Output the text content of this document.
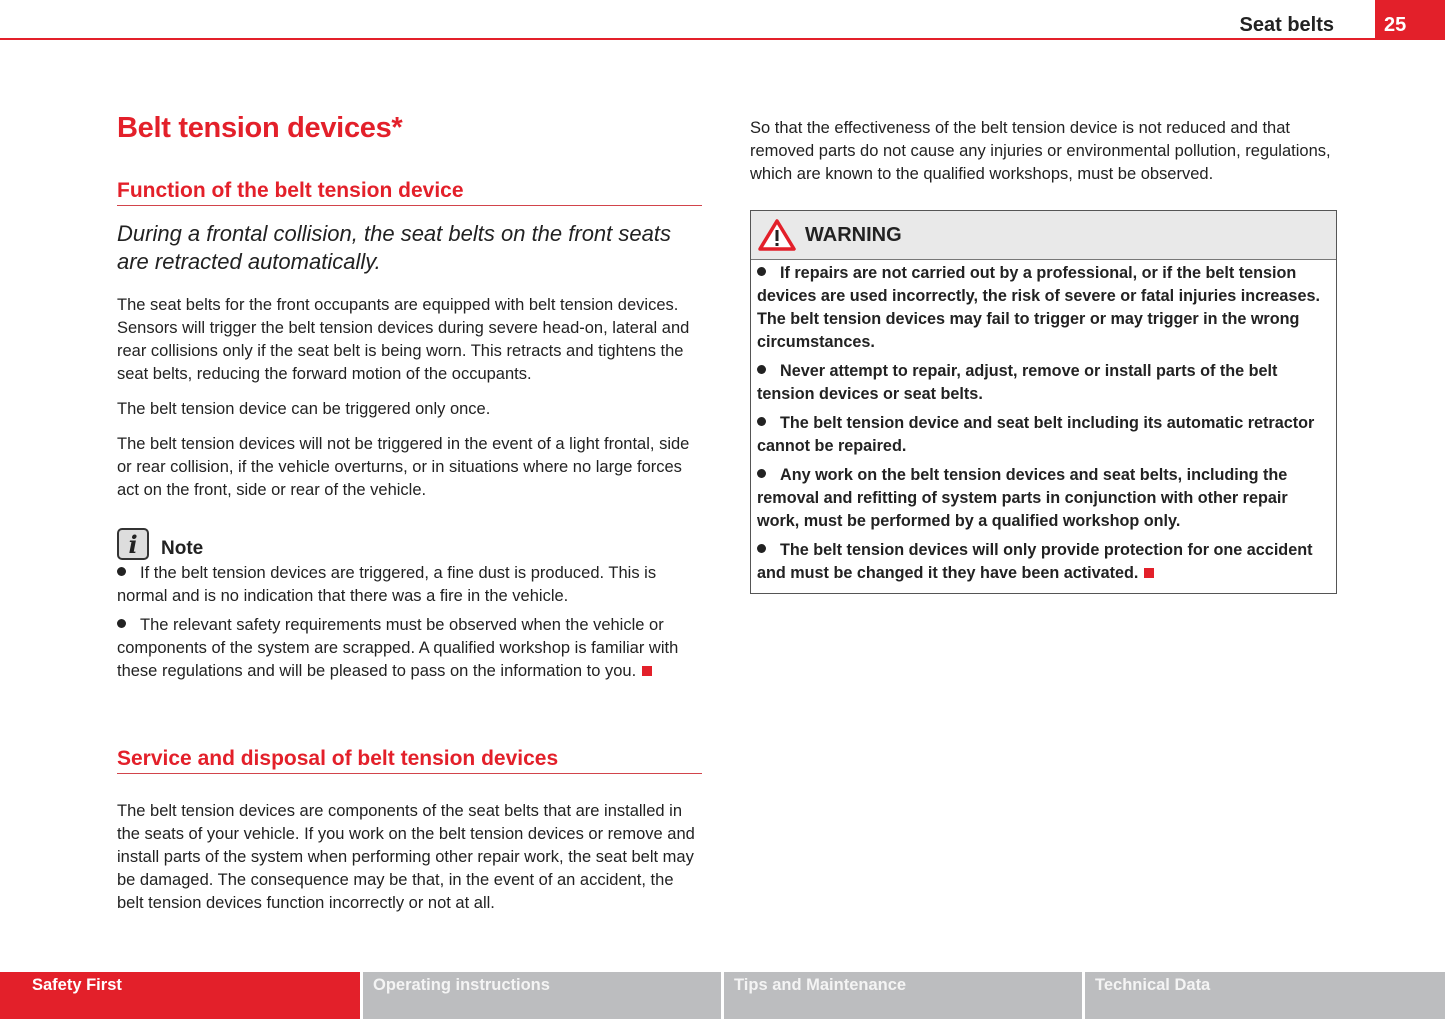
Seat belts	25
Belt tension devices*
Function of the belt tension device
During a frontal collision, the seat belts on the front seats are retracted automatically.

The seat belts for the front occupants are equipped with belt tension devices. Sensors will trigger the belt tension devices during severe head-on, lateral and rear collisions only if the seat belt is being worn. This retracts and tightens the seat belts, reducing the forward motion of the occupants.

The belt tension device can be triggered only once.

The belt tension devices will not be triggered in the event of a light frontal, side or rear collision, if the vehicle overturns, or in situations where no large forces act on the front, side or rear of the vehicle.

i	Note
If the belt tension devices are triggered, a fine dust is produced. This is normal and is no indication that there was a fire in the vehicle.
The relevant safety requirements must be observed when the vehicle or components of the system are scrapped. A qualified workshop is familiar with these regulations and will be pleased to pass on the information to you.
Service and disposal of belt tension devices

The belt tension devices are components of the seat belts that are installed in the seats of your vehicle. If you work on the belt tension devices or remove and install parts of the system when performing other repair work, the seat belt may be damaged. The consequence may be that, in the event of an accident, the belt tension devices function incorrectly or not at all.

So that the effectiveness of the belt tension device is not reduced and that removed parts do not cause any injuries or environmental pollution, regulations, which are known to the qualified workshops, must be observed.

WARNING
If repairs are not carried out by a professional, or if the belt tension devices are used incorrectly, the risk of severe or fatal injuries increases. The belt tension devices may fail to trigger or may trigger in the wrong circumstances.
Never attempt to repair, adjust, remove or install parts of the belt tension devices or seat belts.
The belt tension device and seat belt including its automatic retractor cannot be repaired.
Any work on the belt tension devices and seat belts, including the removal and refitting of system parts in conjunction with other repair work, must be performed by a qualified workshop only.
The belt tension devices will only provide protection for one accident and must be changed it they have been activated.
Safety First	Operating instructions	Tips and Maintenance	Technical Data
